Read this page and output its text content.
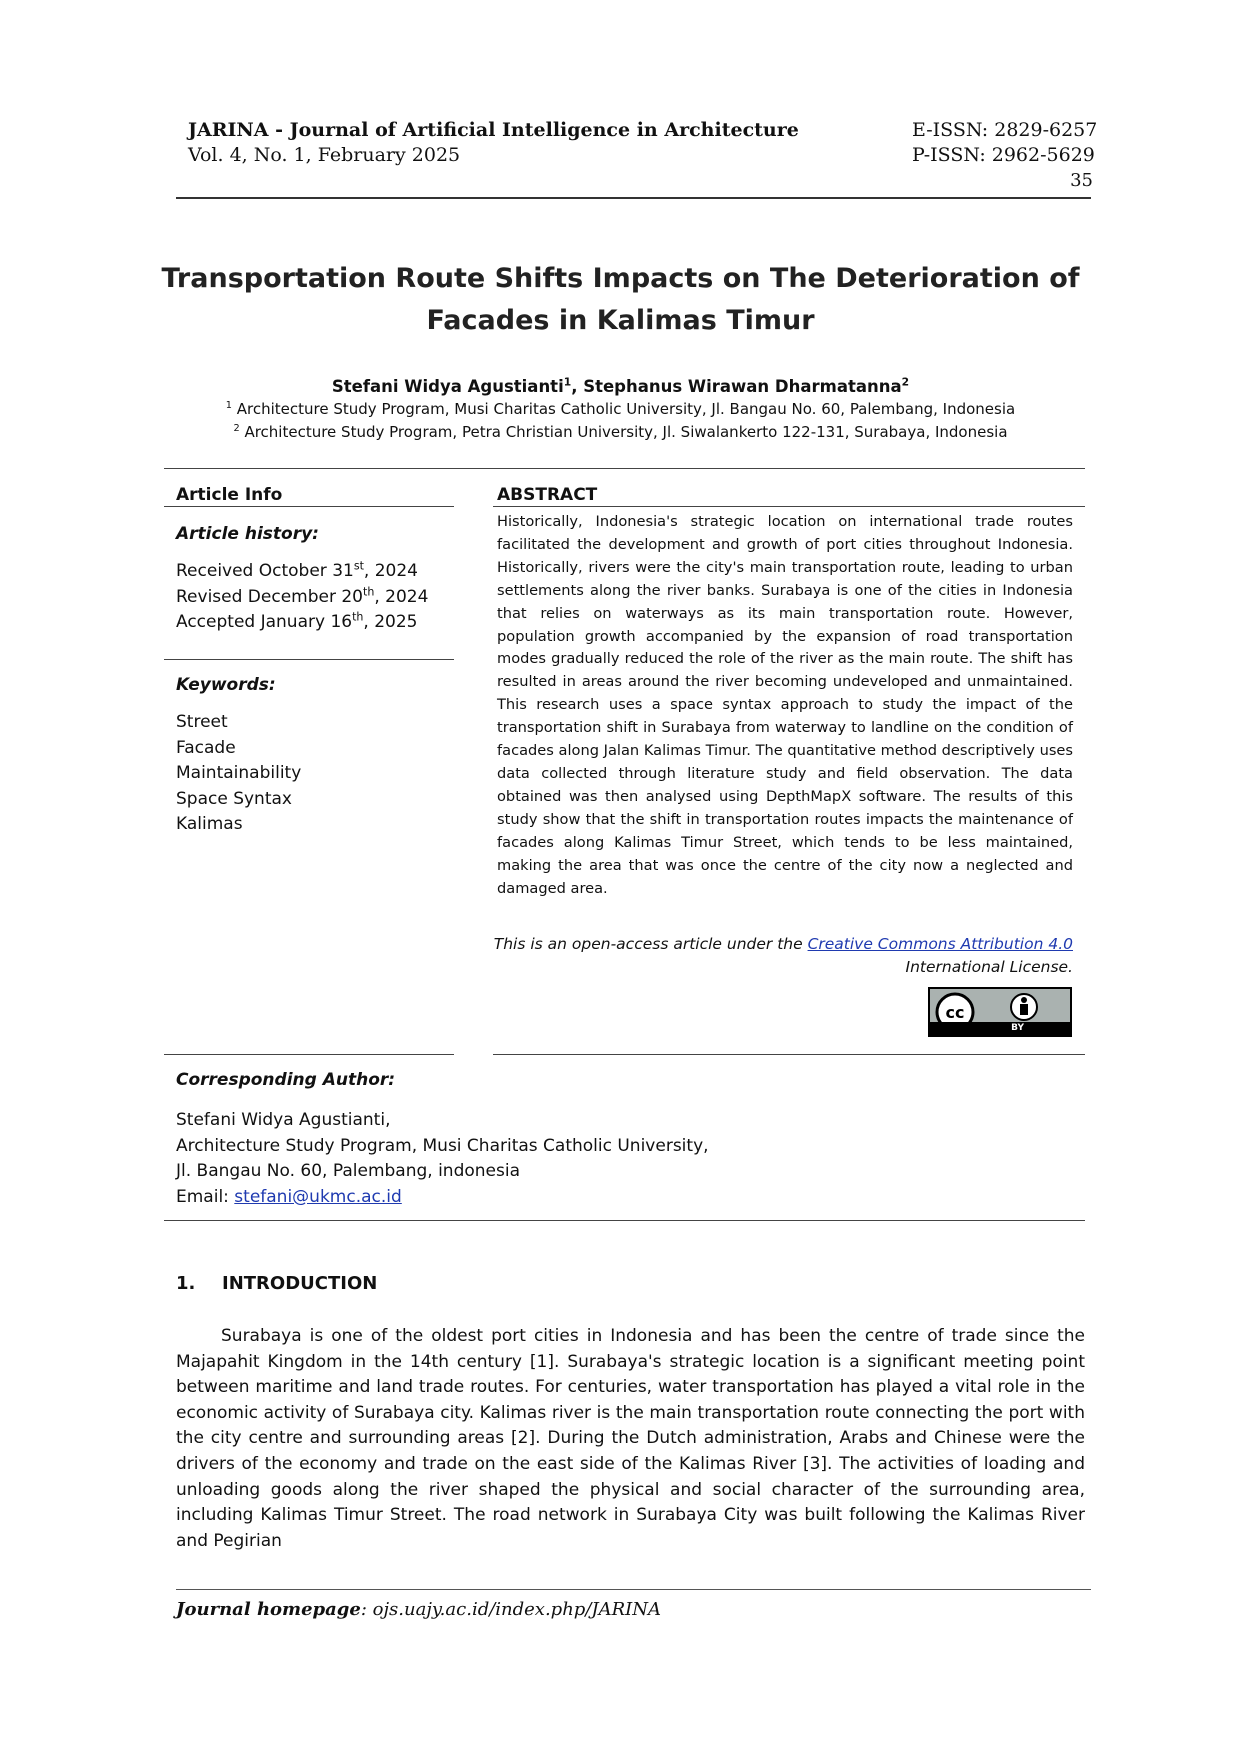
JARINA - Journal of Artificial Intelligence in Architecture
Vol. 4, No. 1, February 2025
E-ISSN: 2829-6257
P-ISSN: 2962-5629
35
Transportation Route Shifts Impacts on The Deterioration of
Facades in Kalimas Timur
Stefani Widya Agustianti$^1$, Stephanus Wirawan Dharmatanna$^2$
$^1$ Architecture Study Program, Musi Charitas Catholic University, Jl. Bangau No. 60, Palembang, Indonesia
$^2$ Architecture Study Program, Petra Christian University, Jl. Siwalankerto 122-131, Surabaya, Indonesia
Article Info
Article history:
Received October 31st, 2024
Revised December 20th, 2024
Accepted January 16th, 2025
Keywords:
Street
Facade
Maintainability
Space Syntax
Kalimas
ABSTRACT
Historically, Indonesia's strategic location on international trade routes facilitated the development and growth of port cities throughout Indonesia. Historically, rivers were the city's main transportation route, leading to urban settlements along the river banks. Surabaya is one of the cities in Indonesia that relies on waterways as its main transportation route. However, population growth accompanied by the expansion of road transportation modes gradually reduced the role of the river as the main route. The shift has resulted in areas around the river becoming undeveloped and unmaintained. This research uses a space syntax approach to study the impact of the transportation shift in Surabaya from waterway to landline on the condition of facades along Jalan Kalimas Timur. The quantitative method descriptively uses data collected through literature study and field observation. The data obtained was then analysed using DepthMapX software. The results of this study show that the shift in transportation routes impacts the maintenance of facades along Kalimas Timur Street, which tends to be less maintained, making the area that was once the centre of the city now a neglected and damaged area.
This is an open-access article under the Creative Commons Attribution 4.0
International License.
cc
BY
Corresponding Author:
Stefani Widya Agustianti,
Architecture Study Program, Musi Charitas Catholic University,
Jl. Bangau No. 60, Palembang, indonesia
Email: stefani@ukmc.ac.id
1. INTRODUCTION
Surabaya is one of the oldest port cities in Indonesia and has been the centre of trade since the Majapahit Kingdom in the 14th century [1]. Surabaya's strategic location is a significant meeting point between maritime and land trade routes. For centuries, water transportation has played a vital role in the economic activity of Surabaya city. Kalimas river is the main transportation route connecting the port with the city centre and surrounding areas [2]. During the Dutch administration, Arabs and Chinese were the drivers of the economy and trade on the east side of the Kalimas River [3]. The activities of loading and unloading goods along the river shaped the physical and social character of the surrounding area, including Kalimas Timur Street. The road network in Surabaya City was built following the Kalimas River and Pegirian
Journal homepage: ojs.uajy.ac.id/index.php/JARINA
